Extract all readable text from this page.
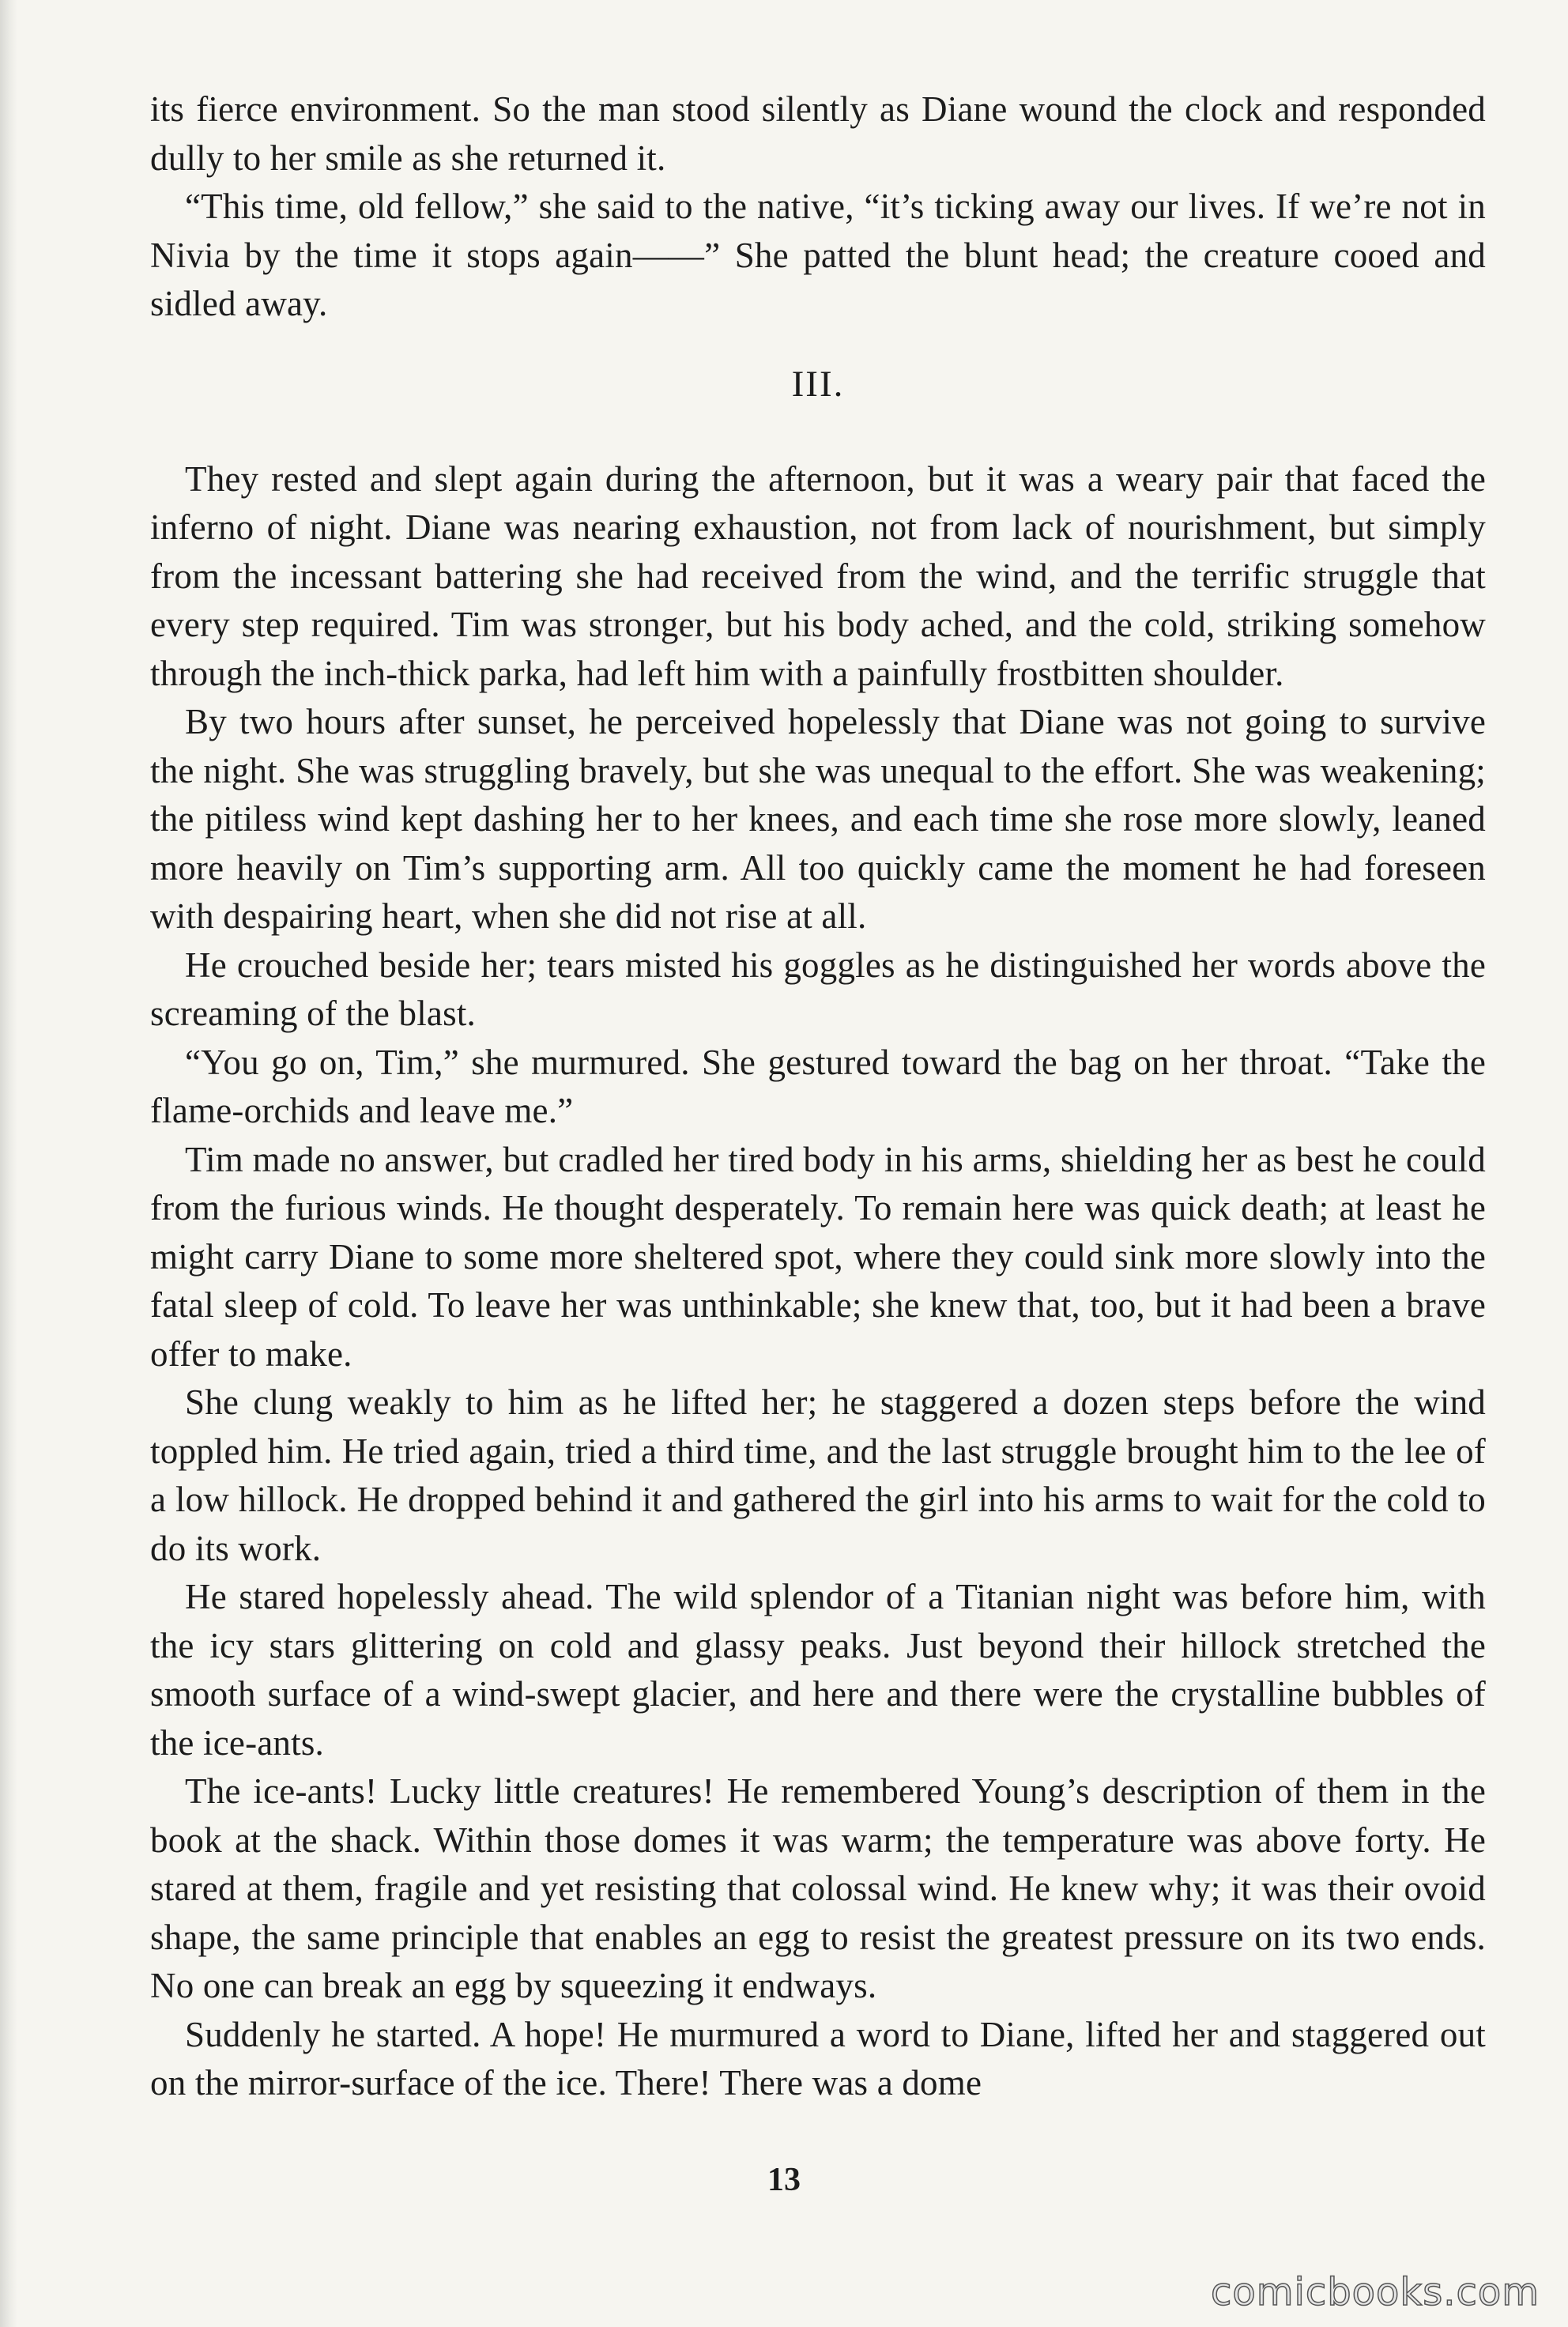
its fierce environment. So the man stood silently as Diane wound the clock and responded dully to her smile as she returned it.

“This time, old fellow,” she said to the native, “it’s ticking away our lives. If we’re not in Nivia by the time it stops again——” She patted the blunt head; the creature cooed and sidled away.

III.

They rested and slept again during the afternoon, but it was a weary pair that faced the inferno of night. Diane was nearing exhaustion, not from lack of nourishment, but simply from the incessant battering she had received from the wind, and the terrific struggle that every step required. Tim was stronger, but his body ached, and the cold, striking somehow through the inch-thick parka, had left him with a painfully frostbitten shoulder.

By two hours after sunset, he perceived hopelessly that Diane was not going to survive the night. She was struggling bravely, but she was unequal to the effort. She was weakening; the pitiless wind kept dashing her to her knees, and each time she rose more slowly, leaned more heavily on Tim’s supporting arm. All too quickly came the moment he had foreseen with despairing heart, when she did not rise at all.

He crouched beside her; tears misted his goggles as he distinguished her words above the screaming of the blast.

“You go on, Tim,” she murmured. She gestured toward the bag on her throat. “Take the flame-orchids and leave me.”

Tim made no answer, but cradled her tired body in his arms, shielding her as best he could from the furious winds. He thought desperately. To remain here was quick death; at least he might carry Diane to some more sheltered spot, where they could sink more slowly into the fatal sleep of cold. To leave her was unthinkable; she knew that, too, but it had been a brave offer to make.

She clung weakly to him as he lifted her; he staggered a dozen steps before the wind toppled him. He tried again, tried a third time, and the last struggle brought him to the lee of a low hillock. He dropped behind it and gathered the girl into his arms to wait for the cold to do its work.

He stared hopelessly ahead. The wild splendor of a Titanian night was before him, with the icy stars glittering on cold and glassy peaks. Just beyond their hillock stretched the smooth surface of a wind-swept glacier, and here and there were the crystalline bubbles of the ice-ants.

The ice-ants! Lucky little creatures! He remembered Young’s description of them in the book at the shack. Within those domes it was warm; the temperature was above forty. He stared at them, fragile and yet resisting that colossal wind. He knew why; it was their ovoid shape, the same principle that enables an egg to resist the greatest pressure on its two ends. No one can break an egg by squeezing it endways.

Suddenly he started. A hope! He murmured a word to Diane, lifted her and staggered out on the mirror-surface of the ice. There! There was a dome

13
comicbooks.com
